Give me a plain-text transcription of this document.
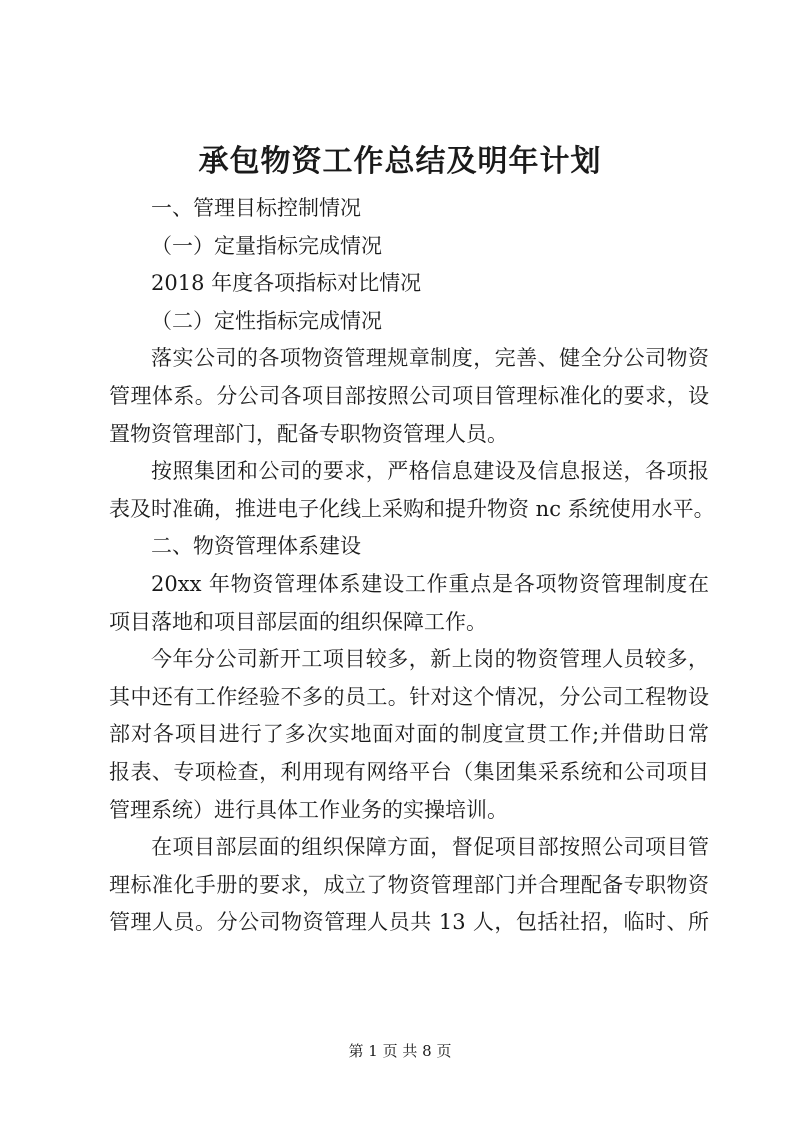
承包物资工作总结及明年计划
一、管理目标控制情况
（一）定量指标完成情况
2018 年度各项指标对比情况
（二）定性指标完成情况
落实公司的各项物资管理规章制度，完善、健全分公司物资
管理体系。分公司各项目部按照公司项目管理标准化的要求，设
置物资管理部门，配备专职物资管理人员。
按照集团和公司的要求，严格信息建设及信息报送，各项报
表及时准确，推进电子化线上采购和提升物资 nc 系统使用水平。
二、物资管理体系建设
20xx 年物资管理体系建设工作重点是各项物资管理制度在
项目落地和项目部层面的组织保障工作。
今年分公司新开工项目较多，新上岗的物资管理人员较多，
其中还有工作经验不多的员工。针对这个情况，分公司工程物设
部对各项目进行了多次实地面对面的制度宣贯工作;并借助日常
报表、专项检查，利用现有网络平台（集团集采系统和公司项目
管理系统）进行具体工作业务的实操培训。
在项目部层面的组织保障方面，督促项目部按照公司项目管
理标准化手册的要求，成立了物资管理部门并合理配备专职物资
管理人员。分公司物资管理人员共 13 人，包括社招，临时、所
第 1 页 共 8 页
